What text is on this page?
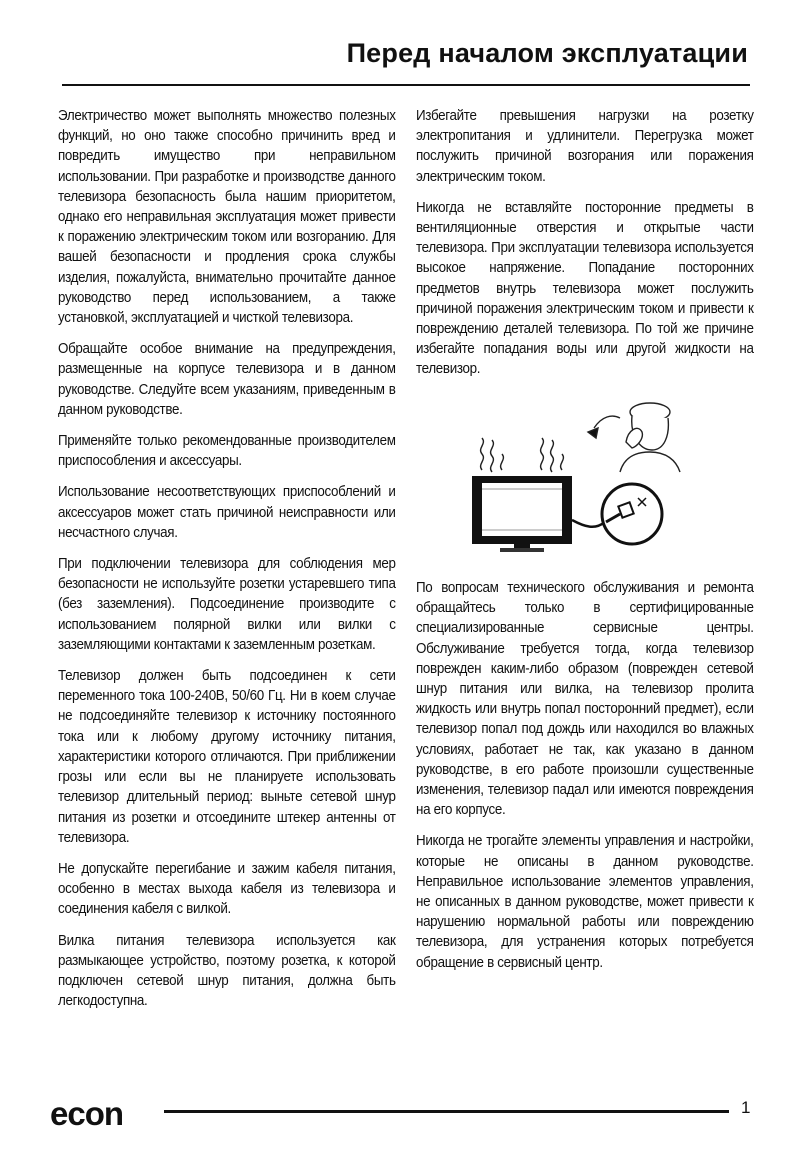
Перед началом эксплуатации

Электричество может выполнять множество полезных функций, но оно также способно причинить вред и повредить имущество при неправильном использовании. При разработке и производстве данного телевизора безопасность была нашим приоритетом, однако его неправильная эксплуатация может привести к поражению электрическим током или возгоранию. Для вашей безопасности и продления срока службы изделия, пожалуйста, внимательно прочитайте данное руководство перед использованием, а также установкой, эксплуатацией и чисткой телевизора.

Обращайте особое внимание на предупреждения, размещенные на корпусе телевизора и в данном руководстве. Следуйте всем указаниям, приведенным в данном руководстве.

Применяйте только рекомендованные производителем приспособления и аксессуары.

Использование несоответствующих приспособлений и аксессуаров может стать причиной неисправности или несчастного случая.

При подключении телевизора для соблюдения мер безопасности не используйте розетки устаревшего типа (без заземления). Подсоединение производите с использованием полярной вилки или вилки с заземляющими контактами к заземленным розеткам.

Телевизор должен быть подсоединен к сети переменного тока 100-240В, 50/60 Гц. Ни в коем случае не подсоединяйте телевизор к источнику постоянного тока или к любому другому источнику питания, характеристики которого отличаются. При приближении грозы или если вы не планируете использовать телевизор длительный период: выньте сетевой шнур питания из розетки и отсоедините штекер антенны от телевизора.

Не допускайте перегибание и зажим кабеля питания, особенно в местах выхода кабеля из телевизора и соединения кабеля с вилкой.

Вилка питания телевизора используется как размыкающее устройство, поэтому розетка, к которой подключен сетевой шнур питания, должна быть легкодоступна.

Избегайте превышения нагрузки на розетку электропитания и удлинители. Перегрузка может послужить причиной возгорания или поражения электрическим током.

Никогда не вставляйте посторонние предметы в вентиляционные отверстия и открытые части телевизора. При эксплуатации телевизора используется высокое напряжение. Попадание посторонних предметов внутрь телевизора может послужить причиной поражения электрическим током и привести к повреждению деталей телевизора. По той же причине избегайте попадания воды или другой жидкости на телевизор.

По вопросам технического обслуживания и ремонта обращайтесь только в сертифицированные специализированные сервисные центры. Обслуживание требуется тогда, когда телевизор поврежден каким-либо образом (поврежден сетевой шнур питания или вилка, на телевизор пролита жидкость или внутрь попал посторонний предмет), если телевизор попал под дождь или находился во влажных условиях, работает не так, как указано в данном руководстве, в его работе произошли существенные изменения, телевизор падал или имеются повреждения на его корпусе.

Никогда не трогайте элементы управления и настройки, которые не описаны в данном руководстве. Неправильное использование элементов управления, не описанных в данном руководстве, может привести к нарушению нормальной работы или повреждению телевизора, для устранения которых потребуется обращение в сервисный центр.

econ	1
